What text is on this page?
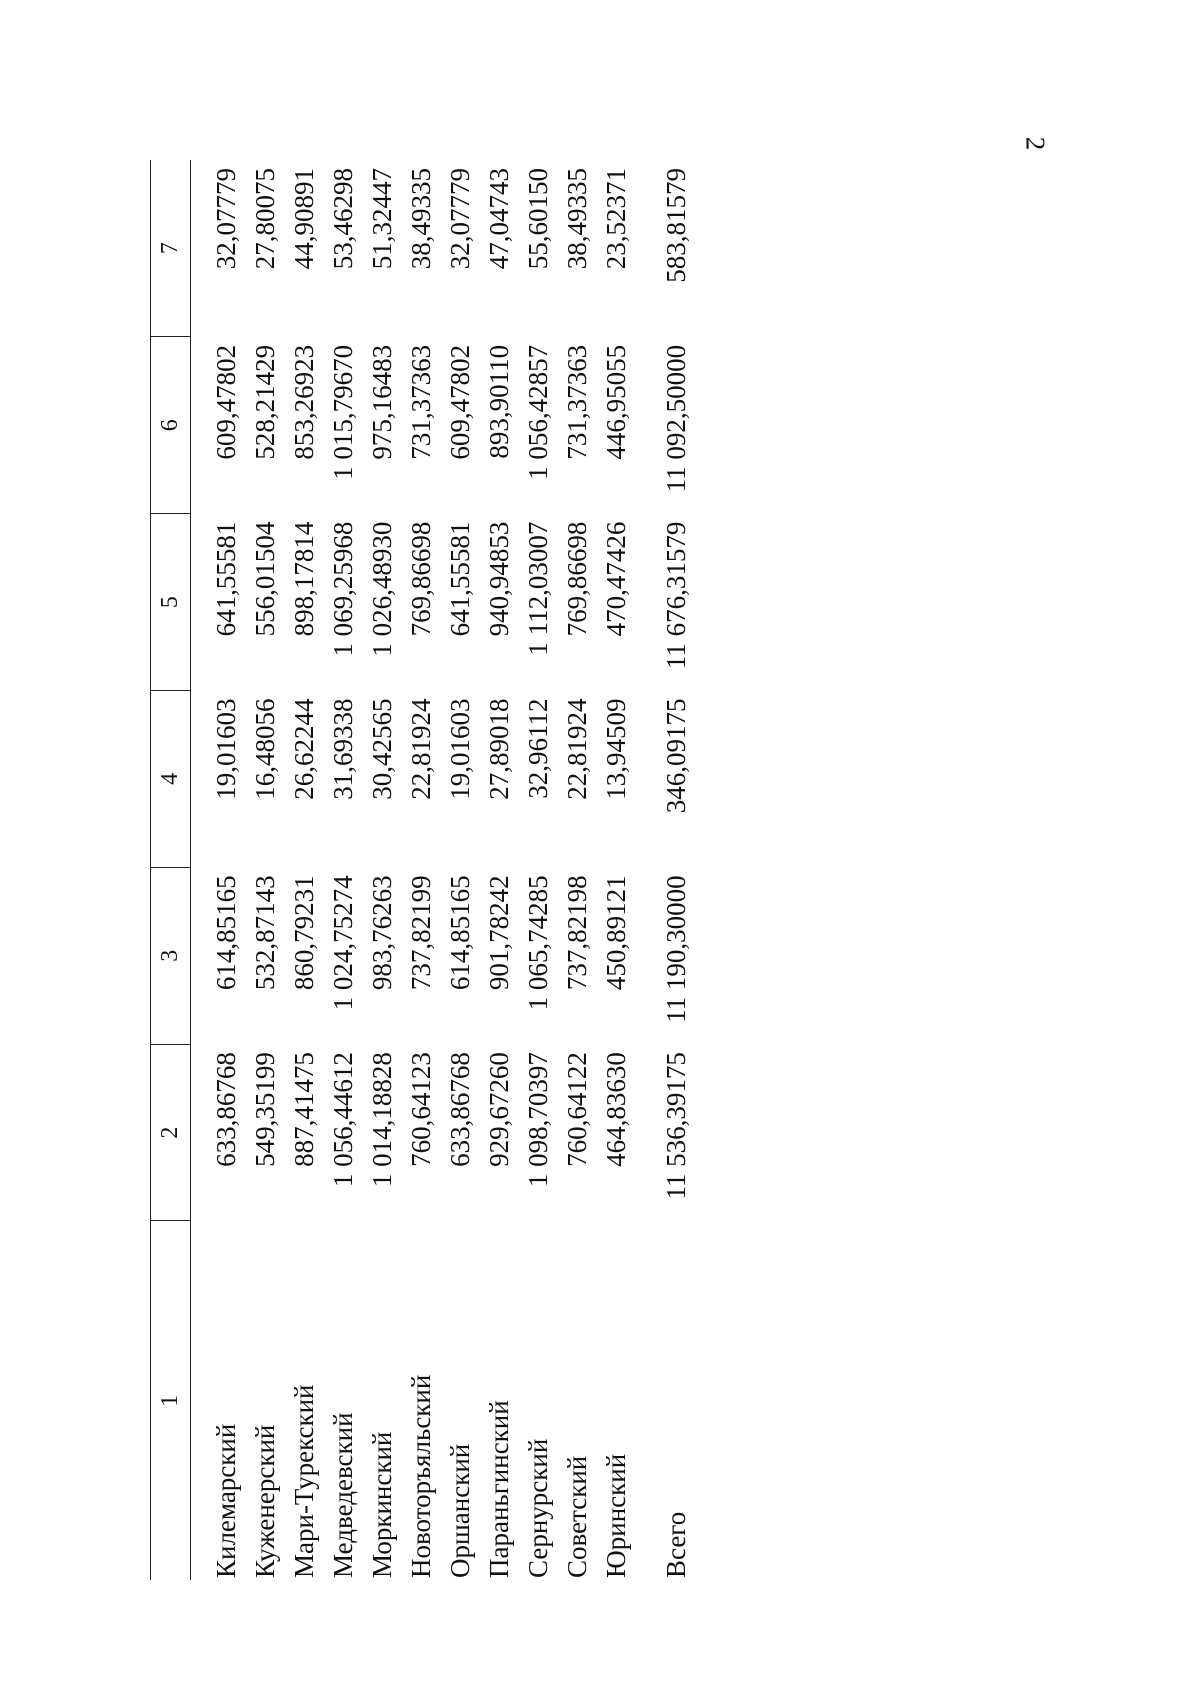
2
1	2	3	4	5	6	7

Килемарский	633,86768	614,85165	19,01603	641,55581	609,47802	32,07779
Куженерский	549,35199	532,87143	16,48056	556,01504	528,21429	27,80075
Мари-Турекский	887,41475	860,79231	26,62244	898,17814	853,26923	44,90891
Медведевский	1 056,44612	1 024,75274	31,69338	1 069,25968	1 015,79670	53,46298
Моркинский	1 014,18828	983,76263	30,42565	1 026,48930	975,16483	51,32447
Новоторъяльский	760,64123	737,82199	22,81924	769,86698	731,37363	38,49335
Оршанский	633,86768	614,85165	19,01603	641,55581	609,47802	32,07779
Параньгинский	929,67260	901,78242	27,89018	940,94853	893,90110	47,04743
Сернурский	1 098,70397	1 065,74285	32,96112	1 112,03007	1 056,42857	55,60150
Советский	760,64122	737,82198	22,81924	769,86698	731,37363	38,49335
Юринский	464,83630	450,89121	13,94509	470,47426	446,95055	23,52371

Всего	11 536,39175	11 190,30000	346,09175	11 676,31579	11 092,50000	583,81579
